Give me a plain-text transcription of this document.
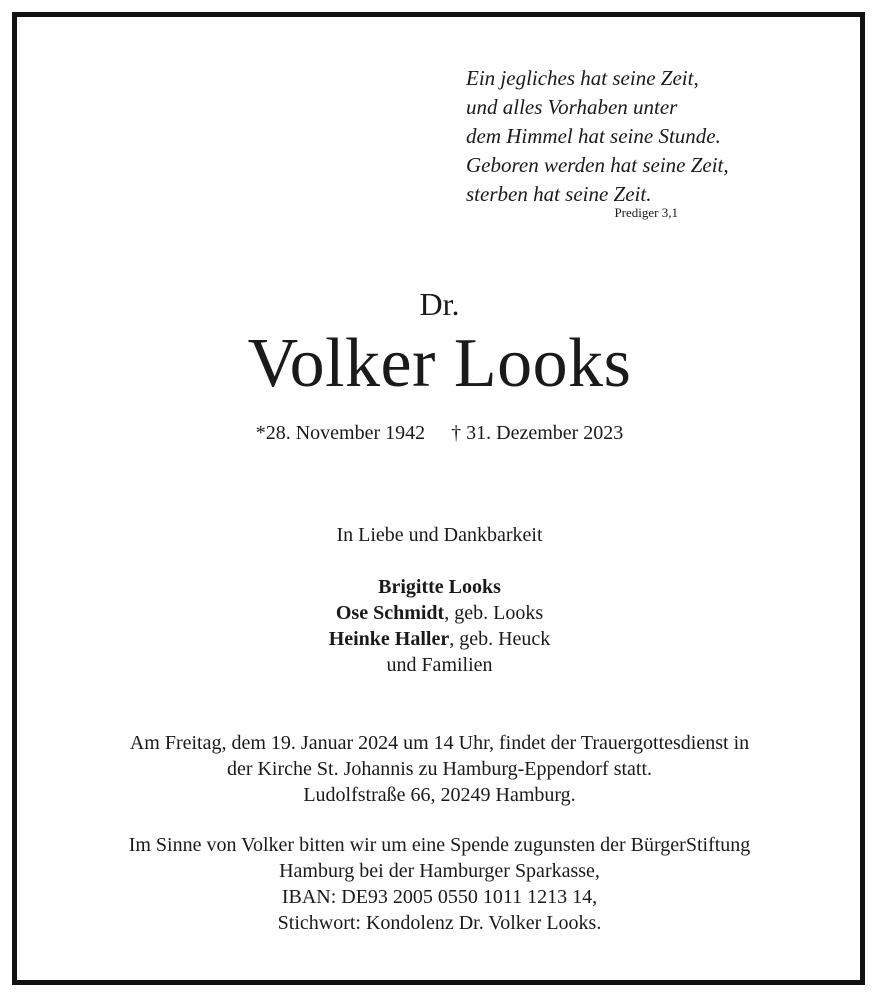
Ein jegliches hat seine Zeit,
und alles Vorhaben unter
dem Himmel hat seine Stunde.
Geboren werden hat seine Zeit,
sterben hat seine Zeit.
Prediger 3,1
Dr.
Volker Looks
*28. November 1942 † 31. Dezember 2023
In Liebe und Dankbarkeit
Brigitte Looks
Ose Schmidt, geb. Looks
Heinke Haller, geb. Heuck
und Familien
Am Freitag, dem 19. Januar 2024 um 14 Uhr, findet der Trauergottesdienst in
der Kirche St. Johannis zu Hamburg-Eppendorf statt.
Ludolfstraße 66, 20249 Hamburg.
Im Sinne von Volker bitten wir um eine Spende zugunsten der BürgerStiftung
Hamburg bei der Hamburger Sparkasse,
IBAN: DE93 2005 0550 1011 1213 14,
Stichwort: Kondolenz Dr. Volker Looks.
